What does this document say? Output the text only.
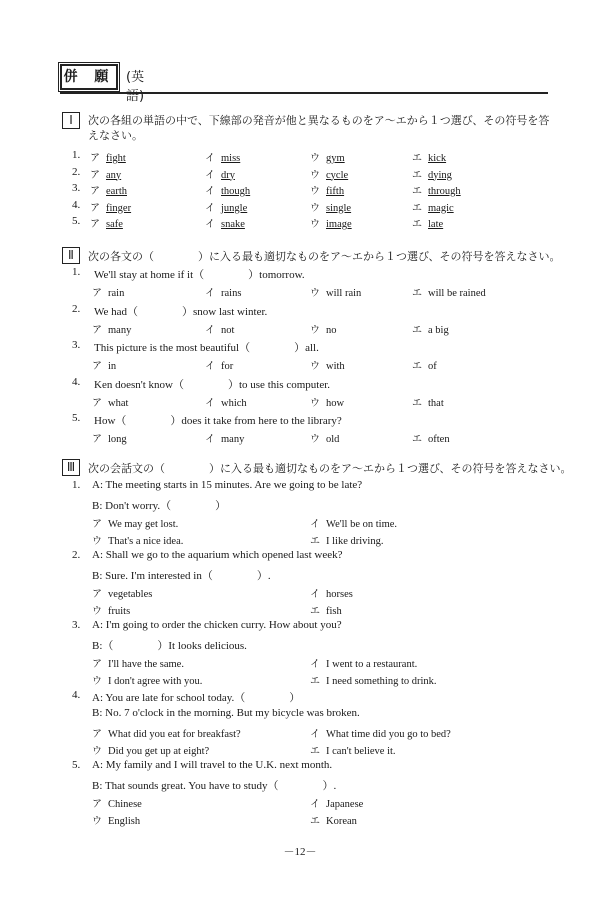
併 願 (英　語)
Ⅰ	次の各組の単語の中で、下線部の発音が他と異なるものをア～エから１つ選び、その符号を答
えなさい。
1. ア fight	イ miss	ウ gym	エ kick
2. ア any	イ dry	ウ cycle	エ dying
3. ア earth	イ though	ウ fifth	エ through
4. ア finger	イ jungle	ウ single	エ magic
5. ア safe	イ snake	ウ image	エ late
Ⅱ	次の各文の（　　　　）に入る最も適切なものをア～エから１つ選び、その符号を答えなさい。
1. We'll stay at home if it（　　　　）tomorrow.
ア rain	イ rains	ウ will rain	エ will be rained
2. We had（　　　　）snow last winter.
ア many	イ not	ウ no	エ a big
3. This picture is the most beautiful（　　　　）all.
ア in	イ for	ウ with	エ of
4. Ken doesn't know（　　　　）to use this computer.
ア what	イ which	ウ how	エ that
5. How（　　　　）does it take from here to the library?
ア long	イ many	ウ old	エ often
Ⅲ	次の会話文の（　　　　）に入る最も適切なものをア～エから１つ選び、その符号を答えなさい。
1. A: The meeting starts in 15 minutes. Are we going to be late?
B: Don't worry.（　　　　）
ア We may get lost.	イ We'll be on time.
ウ That's a nice idea.	エ I like driving.
2. A: Shall we go to the aquarium which opened last week?
B: Sure. I'm interested in（　　　　）.
ア vegetables	イ horses
ウ fruits	エ fish
3. A: I'm going to order the chicken curry. How about you?
B:（　　　　）It looks delicious.
ア I'll have the same.	イ I went to a restaurant.
ウ I don't agree with you.	エ I need something to drink.
4. A: You are late for school today.（　　　　）
B: No. 7 o'clock in the morning. But my bicycle was broken.
ア What did you eat for breakfast?	イ What time did you go to bed?
ウ Did you get up at eight?	エ I can't believe it.
5. A: My family and I will travel to the U.K. next month.
B: That sounds great. You have to study（　　　　）.
ア Chinese	イ Japanese
ウ English	エ Korean
－12－
